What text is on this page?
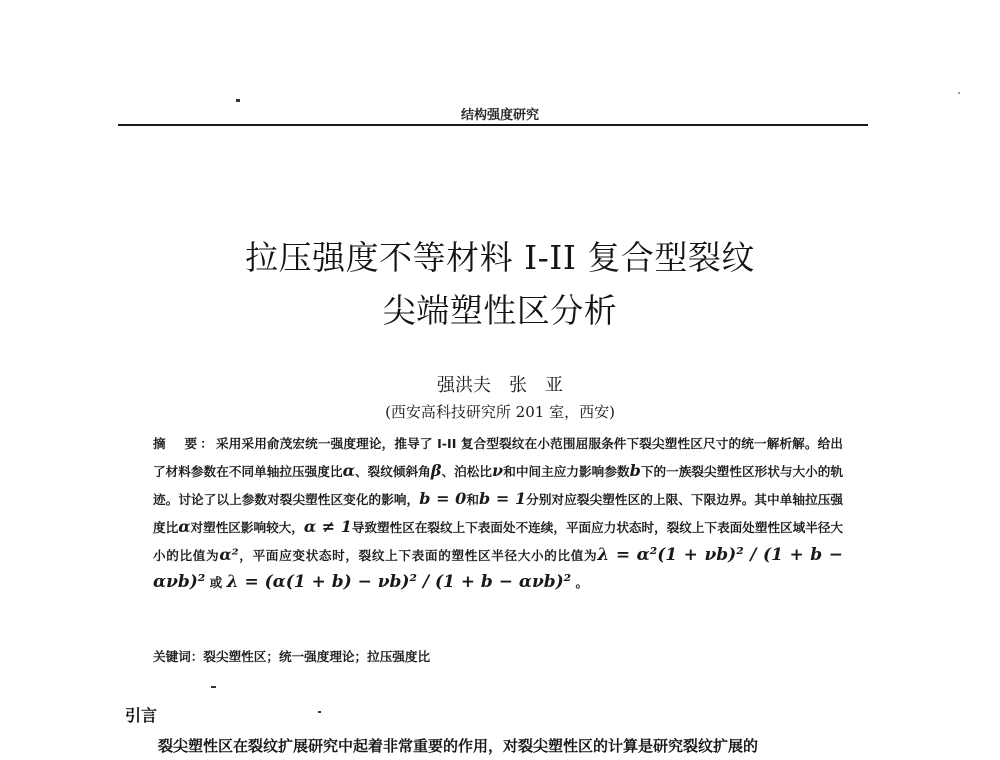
结构强度研究
拉压强度不等材料 I-II 复合型裂纹
尖端塑性区分析
强洪夫　张　亚
(西安高科技研究所 201 室，西安)
摘　要：采用采用俞茂宏统一强度理论，推导了 I-II 复合型裂纹在小范围屈服条件下裂尖塑性区尺寸的统一解析解。给出了材料参数在不同单轴拉压强度比α、裂纹倾斜角β、泊松比ν和中间主应力影响参数b下的一族裂尖塑性区形状与大小的轨迹。讨论了以上参数对裂尖塑性区变化的影响，b = 0和b = 1分别对应裂尖塑性区的上限、下限边界。其中单轴拉压强度比α对塑性区影响较大，α ≠ 1导致塑性区在裂纹上下表面处不连续，平面应力状态时，裂纹上下表面处塑性区域半径大小的比值为α²，平面应变状态时，裂纹上下表面的塑性区半径大小的比值为λ = α²(1 + νb)² / (1 + b − ανb)² 或 λ = (α(1 + b) − νb)² / (1 + b − ανb)² 。
关键词：裂尖塑性区；统一强度理论；拉压强度比
引言
裂尖塑性区在裂纹扩展研究中起着非常重要的作用，对裂尖塑性区的计算是研究裂纹扩展的
